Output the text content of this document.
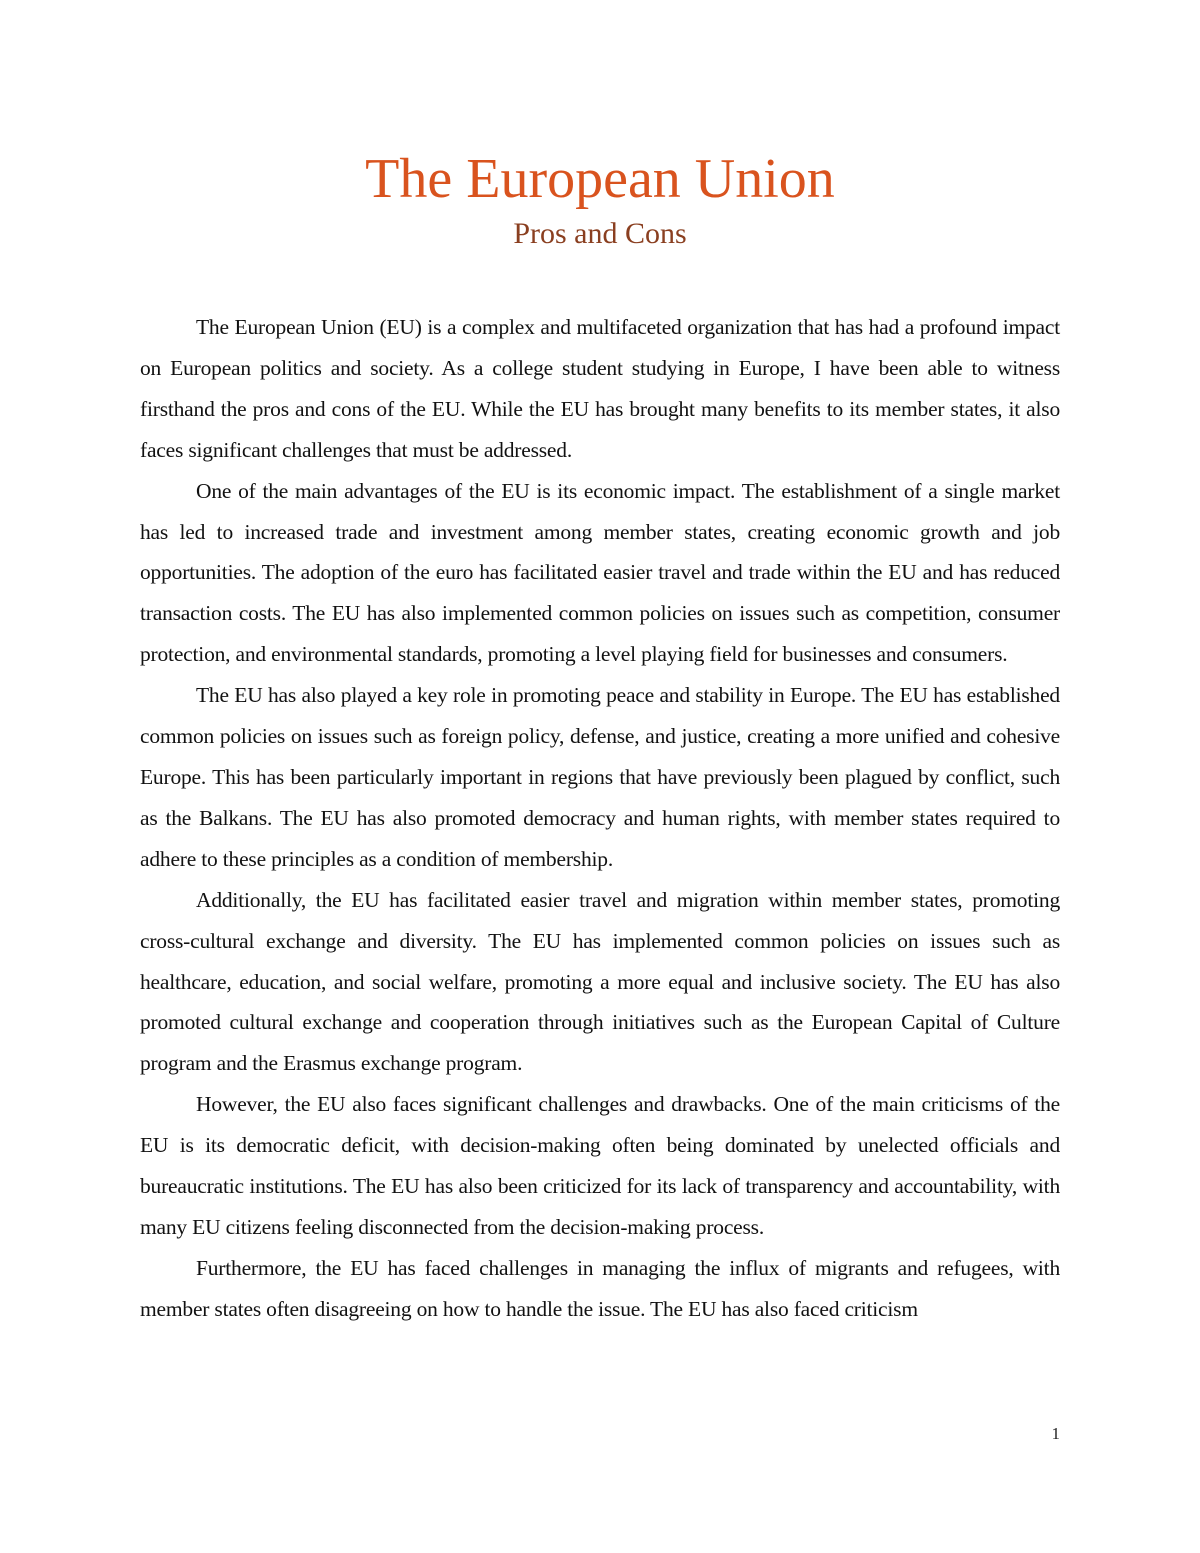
The European Union
Pros and Cons

The European Union (EU) is a complex and multifaceted organization that has had a profound impact on European politics and society. As a college student studying in Europe, I have been able to witness firsthand the pros and cons of the EU. While the EU has brought many benefits to its member states, it also faces significant challenges that must be addressed.

One of the main advantages of the EU is its economic impact. The establishment of a single market has led to increased trade and investment among member states, creating economic growth and job opportunities. The adoption of the euro has facilitated easier travel and trade within the EU and has reduced transaction costs. The EU has also implemented common policies on issues such as competition, consumer protection, and environmental standards, promoting a level playing field for businesses and consumers.

The EU has also played a key role in promoting peace and stability in Europe. The EU has established common policies on issues such as foreign policy, defense, and justice, creating a more unified and cohesive Europe. This has been particularly important in regions that have previously been plagued by conflict, such as the Balkans. The EU has also promoted democracy and human rights, with member states required to adhere to these principles as a condition of membership.

Additionally, the EU has facilitated easier travel and migration within member states, promoting cross-cultural exchange and diversity. The EU has implemented common policies on issues such as healthcare, education, and social welfare, promoting a more equal and inclusive society. The EU has also promoted cultural exchange and cooperation through initiatives such as the European Capital of Culture program and the Erasmus exchange program.

However, the EU also faces significant challenges and drawbacks. One of the main criticisms of the EU is its democratic deficit, with decision-making often being dominated by unelected officials and bureaucratic institutions. The EU has also been criticized for its lack of transparency and accountability, with many EU citizens feeling disconnected from the decision-making process.

Furthermore, the EU has faced challenges in managing the influx of migrants and refugees, with member states often disagreeing on how to handle the issue. The EU has also faced criticism

1
